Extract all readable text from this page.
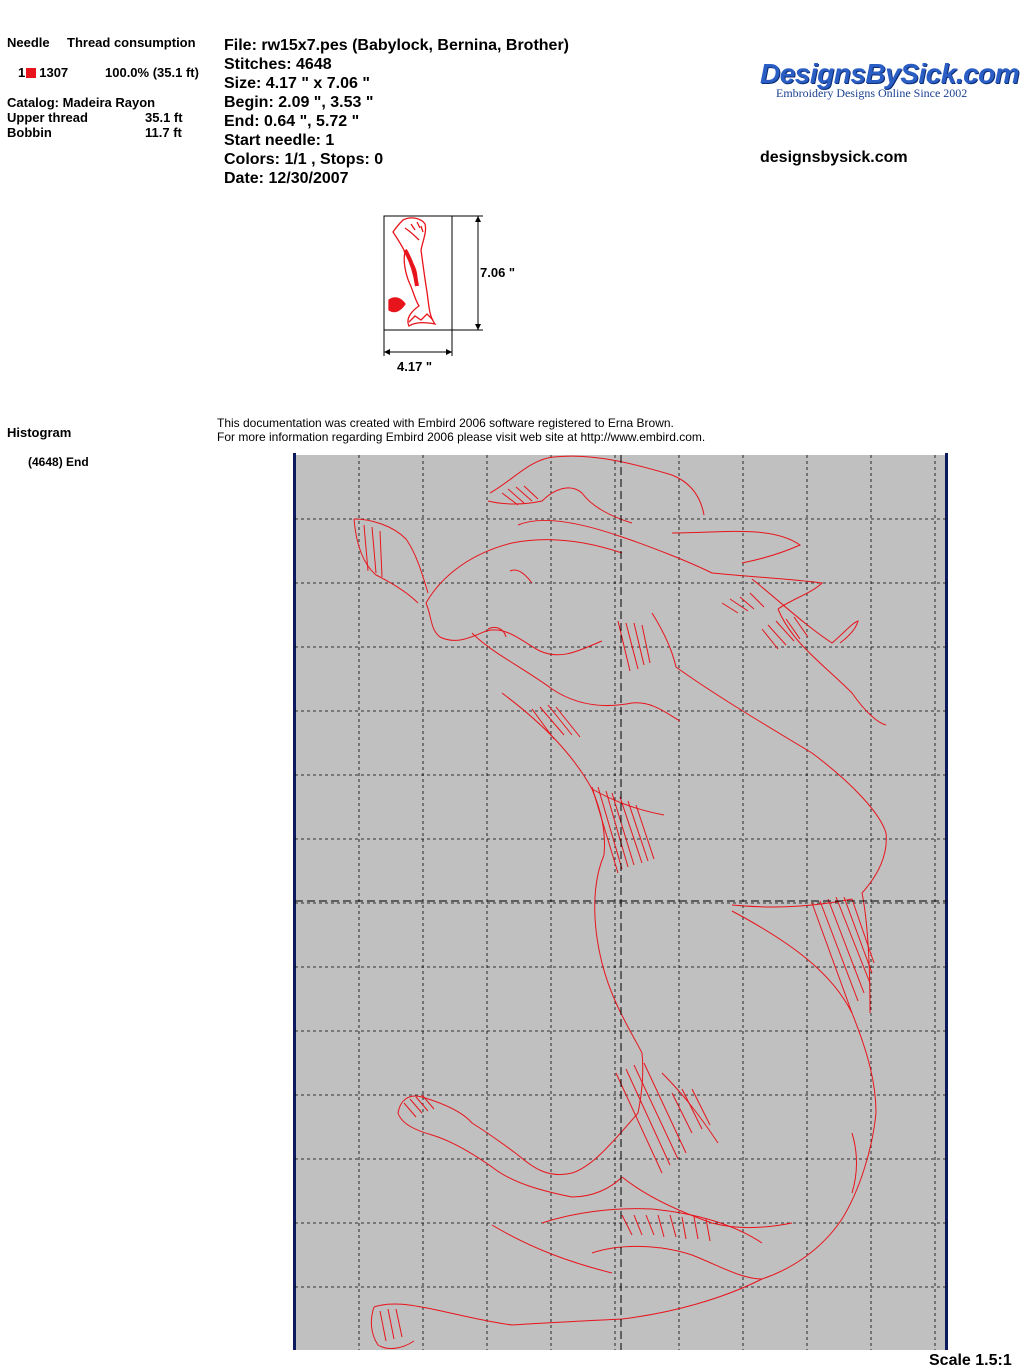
Needle Thread consumption
1 1307	100.0% (35.1 ft)
Catalog: Madeira Rayon
Upper thread	35.1 ft
Bobbin	11.7 ft
File: rw15x7.pes (Babylock, Bernina, Brother)
Stitches: 4648
Size: 4.17 " x 7.06 "
Begin: 2.09 ", 3.53 "
End: 0.64 ", 5.72 "
Start needle: 1
Colors: 1/1 , Stops: 0
Date: 12/30/2007
DesignsBySick.com
Embroidery Designs Online Since 2002
designsbysick.com
7.06 "
4.17 "
Histogram
(4648) End
This documentation was created with Embird 2006 software registered to Erna Brown.
For more information regarding Embird 2006 please visit web site at http://www.embird.com.
Scale 1.5:1
